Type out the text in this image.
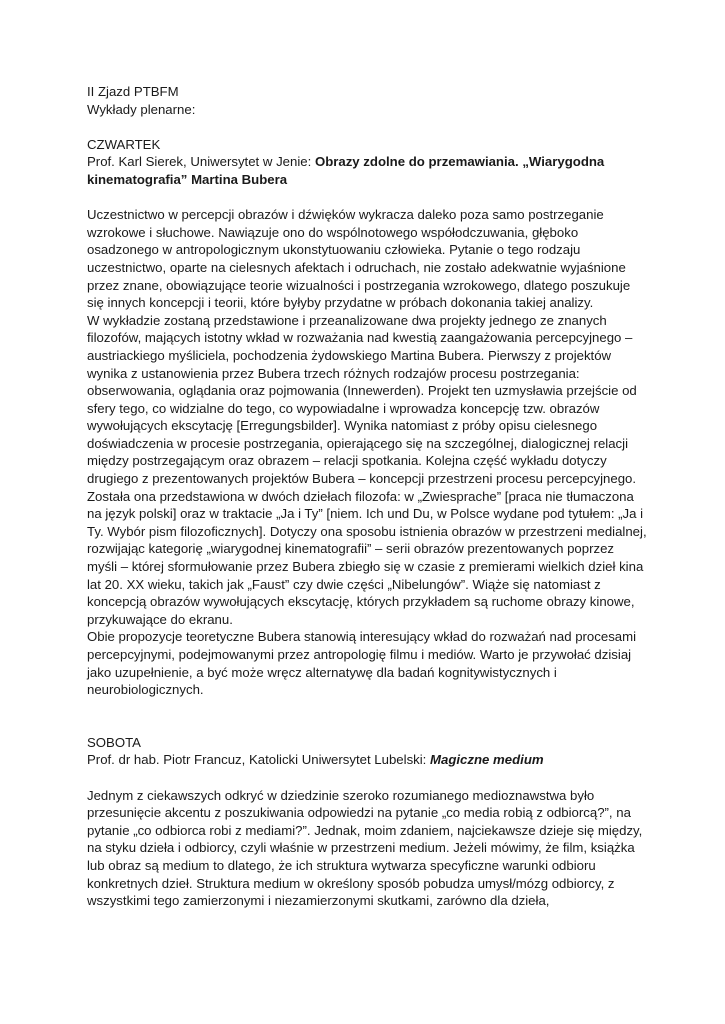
II Zjazd PTBFM
Wykłady plenarne:
CZWARTEK

Prof. Karl Sierek, Uniwersytet w Jenie: Obrazy zdolne do przemawiania. „Wiarygodna kinematografia” Martina Bubera

Uczestnictwo w percepcji obrazów i dźwięków wykracza daleko poza samo postrzeganie wzrokowe i słuchowe. Nawiązuje ono do wspólnotowego współodczuwania, głęboko osadzonego w antropologicznym ukonstytuowaniu człowieka. Pytanie o tego rodzaju uczestnictwo, oparte na cielesnych afektach i odruchach, nie zostało adekwatnie wyjaśnione przez znane, obowiązujące teorie wizualności i postrzegania wzrokowego, dlatego poszukuje się innych koncepcji i teorii, które byłyby przydatne w próbach dokonania takiej analizy.

W wykładzie zostaną przedstawione i przeanalizowane dwa projekty jednego ze znanych filozofów, mających istotny wkład w rozważania nad kwestią zaangażowania percepcyjnego – austriackiego myśliciela, pochodzenia żydowskiego Martina Bubera. Pierwszy z projektów wynika z ustanowienia przez Bubera trzech różnych rodzajów procesu postrzegania: obserwowania, oglądania oraz pojmowania (Innewerden). Projekt ten uzmysławia przejście od sfery tego, co widzialne do tego, co wypowiadalne i wprowadza koncepcję tzw. obrazów wywołujących ekscytację [Erregungsbilder]. Wynika natomiast z próby opisu cielesnego doświadczenia w procesie postrzegania, opierającego się na szczególnej, dialogicznej relacji między postrzegającym oraz obrazem – relacji spotkania. Kolejna część wykładu dotyczy drugiego z prezentowanych projektów Bubera – koncepcji przestrzeni procesu percepcyjnego. Została ona przedstawiona w dwóch dziełach filozofa: w „Zwiesprache” [praca nie tłumaczona na język polski] oraz w traktacie „Ja i Ty” [niem. Ich und Du, w Polsce wydane pod tytułem: „Ja i Ty. Wybór pism filozoficznych]. Dotyczy ona sposobu istnienia obrazów w przestrzeni medialnej, rozwijając kategorię „wiarygodnej kinematografii” – serii obrazów prezentowanych poprzez myśli – której sformułowanie przez Bubera zbiegło się w czasie z premierami wielkich dzieł kina lat 20. XX wieku, takich jak „Faust” czy dwie części „Nibelungów”. Wiąże się natomiast z koncepcją obrazów wywołujących ekscytację, których przykładem są ruchome obrazy kinowe, przykuwające do ekranu.

Obie propozycje teoretyczne Bubera stanowią interesujący wkład do rozważań nad procesami percepcyjnymi, podejmowanymi przez antropologię filmu i mediów. Warto je przywołać dzisiaj jako uzupełnienie, a być może wręcz alternatywę dla badań kognitywistycznych i neurobiologicznych.

SOBOTA

Prof. dr hab. Piotr Francuz, Katolicki Uniwersytet Lubelski: Magiczne medium

Jednym z ciekawszych odkryć w dziedzinie szeroko rozumianego medioznawstwa było przesunięcie akcentu z poszukiwania odpowiedzi na pytanie „co media robią z odbiorcą?”, na pytanie „co odbiorca robi z mediami?”. Jednak, moim zdaniem, najciekawsze dzieje się między, na styku dzieła i odbiorcy, czyli właśnie w przestrzeni medium. Jeżeli mówimy, że film, książka lub obraz są medium to dlatego, że ich struktura wytwarza specyficzne warunki odbioru konkretnych dzieł. Struktura medium w określony sposób pobudza umysł/mózg odbiorcy, z wszystkimi tego zamierzonymi i niezamierzonymi skutkami, zarówno dla dzieła,
